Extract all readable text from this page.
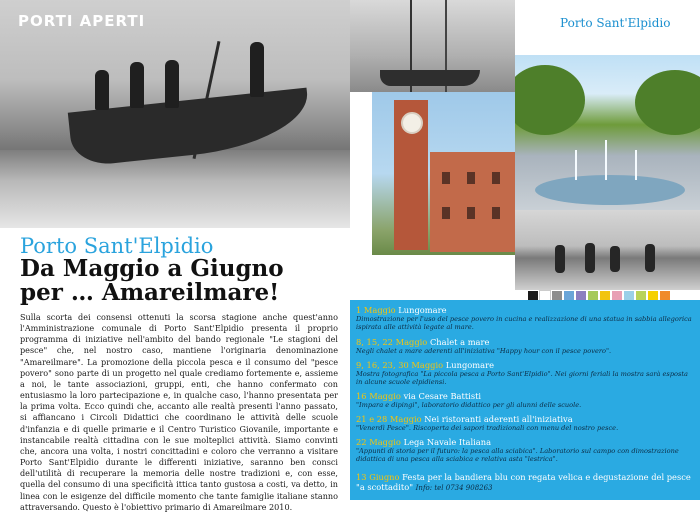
PORTI APERTI	Porto Sant'Elpidio
Porto Sant'Elpidio
Da Maggio a Giugno
per … Amareilmare!
Sulla scorta dei consensi ottenuti la scorsa stagione anche quest'anno l'Amministrazione comunale di Porto Sant'Elpidio presenta il proprio programma di iniziative nell'ambito del bando regionale "Le stagioni del pesce" che, nel nostro caso, mantiene l'originaria denominazione "Amareilmare". La promozione della piccola pesca e il consumo del "pesce povero" sono parte di un progetto nel quale crediamo fortemente e, assieme a noi, le tante associazioni, gruppi, enti, che hanno confermato con entusiasmo la loro partecipazione e, in qualche caso, l'hanno presentata per la prima volta. Ecco quindi che, accanto alle realtà presenti l'anno passato, si affiancano i Circoli Didattici che coordinano le attività delle scuole d'infanzia e di quelle primarie e il Centro Turistico Giovanile, importante e instancabile realtà cittadina con le sue molteplici attività. Siamo convinti che, ancora una volta, i nostri concittadini e coloro che verranno a visitare Porto Sant'Elpidio durante le differenti iniziative, saranno ben consci dell'utilità di recuperare la memoria delle nostre tradizioni e, con esse, quella del consumo di una specificità ittica tanto gustosa a costi, va detto, in linea con le esigenze del difficile momento che tante famiglie italiane stanno attraversando. Questo è l'obiettivo primario di Amareilmare 2010.
1 Maggio Lungomare
Dimostrazione per l'uso del pesce povero in cucina e realizzazione di una statua in sabbia allegorica ispirata alle attività legate al mare.
8, 15, 22 Maggio Chalet a mare
Negli chalet a mare aderenti all'iniziativa "Happy hour con il pesce povero".
9, 16, 23, 30 Maggio Lungomare
Mostra fotografica "La piccola pesca a Porto Sant'Elpidio". Nei giorni feriali la mostra sarà esposta in alcune scuole elpidiensi.
16 Maggio via Cesare Battisti
"Impara e dipingi", laboratorio didattico per gli alunni delle scuole.
21 e 28 Maggio Nei ristoranti aderenti all'iniziativa
"Venerdì Pesce". Riscoperta dei sapori tradizionali con menu del nostro pesce.
22 Maggio Lega Navale Italiana
"Appunti di storia per il futuro: la pesca alla sciabica". Laboratorio sul campo con dimostrazione didattica di una pesca alla sciabica e relativa asta "lestrica".
13 Giugno Festa per la bandiera blu con regata velica e degustazione del pesce "a scottadito" Info: tel 0734 908263
